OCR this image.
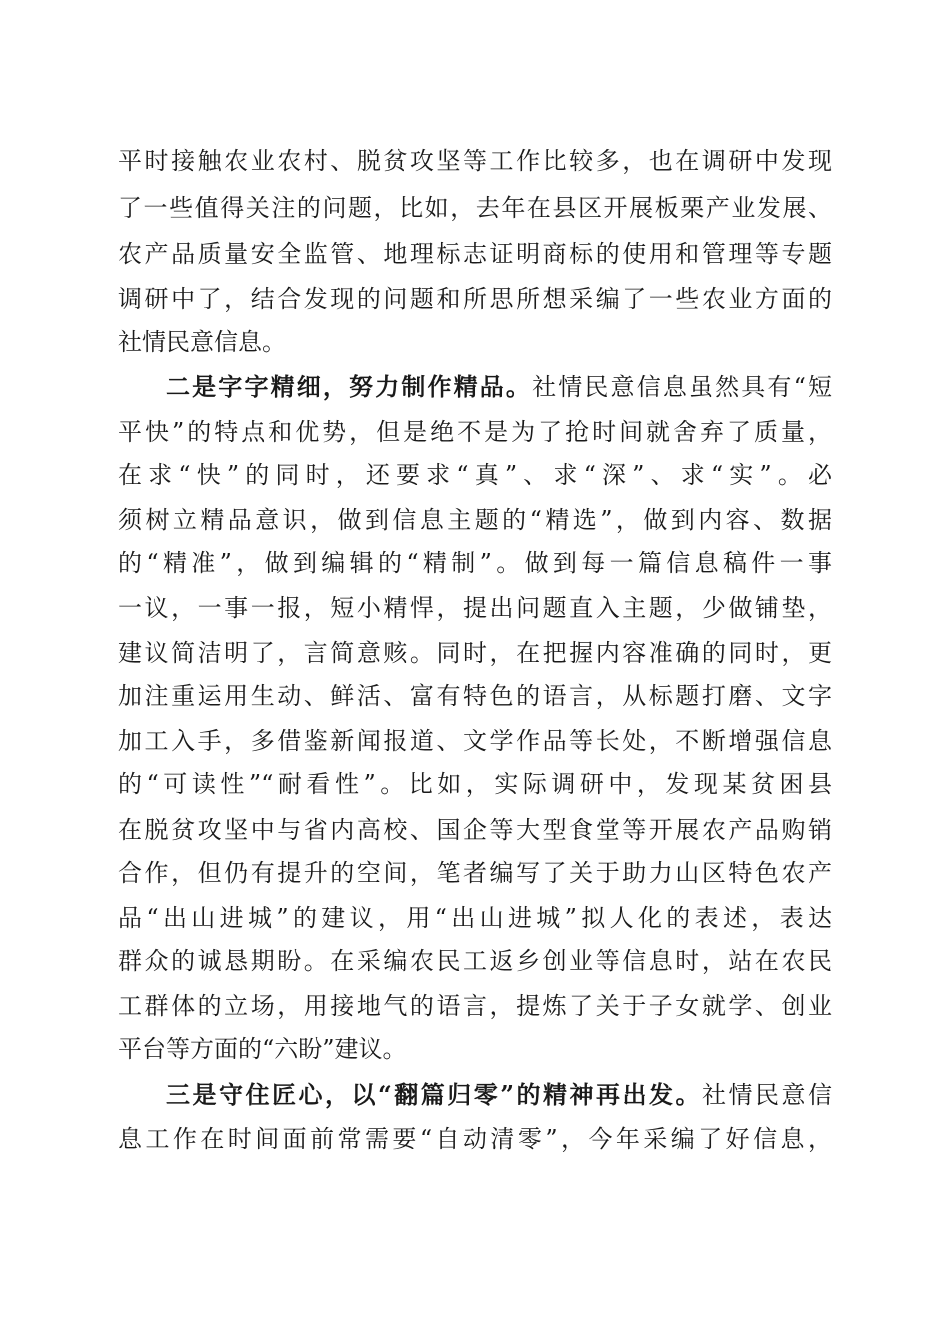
平时接触农业农村、脱贫攻坚等工作比较多，也在调研中发现
了一些值得关注的问题，比如，去年在县区开展板栗产业发展、
农产品质量安全监管、地理标志证明商标的使用和管理等专题
调研中了，结合发现的问题和所思所想采编了一些农业方面的
社情民意信息。
二是字字精细，努力制作精品。社情民意信息虽然具有“短
平快”的特点和优势，但是绝不是为了抢时间就舍弃了质量，
在求“快”的同时，还要求“真”、求“深”、求“实”。必
须树立精品意识，做到信息主题的“精选”，做到内容、数据
的“精准”，做到编辑的“精制”。做到每一篇信息稿件一事
一议，一事一报，短小精悍，提出问题直入主题，少做铺垫，
建议简洁明了，言简意赅。同时，在把握内容准确的同时，更
加注重运用生动、鲜活、富有特色的语言，从标题打磨、文字
加工入手，多借鉴新闻报道、文学作品等长处，不断增强信息
的“可读性”“耐看性”。比如，实际调研中，发现某贫困县
在脱贫攻坚中与省内高校、国企等大型食堂等开展农产品购销
合作，但仍有提升的空间，笔者编写了关于助力山区特色农产
品“出山进城”的建议，用“出山进城”拟人化的表述，表达
群众的诚恳期盼。在采编农民工返乡创业等信息时，站在农民
工群体的立场，用接地气的语言，提炼了关于子女就学、创业
平台等方面的“六盼”建议。
三是守住匠心，以“翻篇归零”的精神再出发。社情民意信
息工作在时间面前常需要“自动清零”，今年采编了好信息，
